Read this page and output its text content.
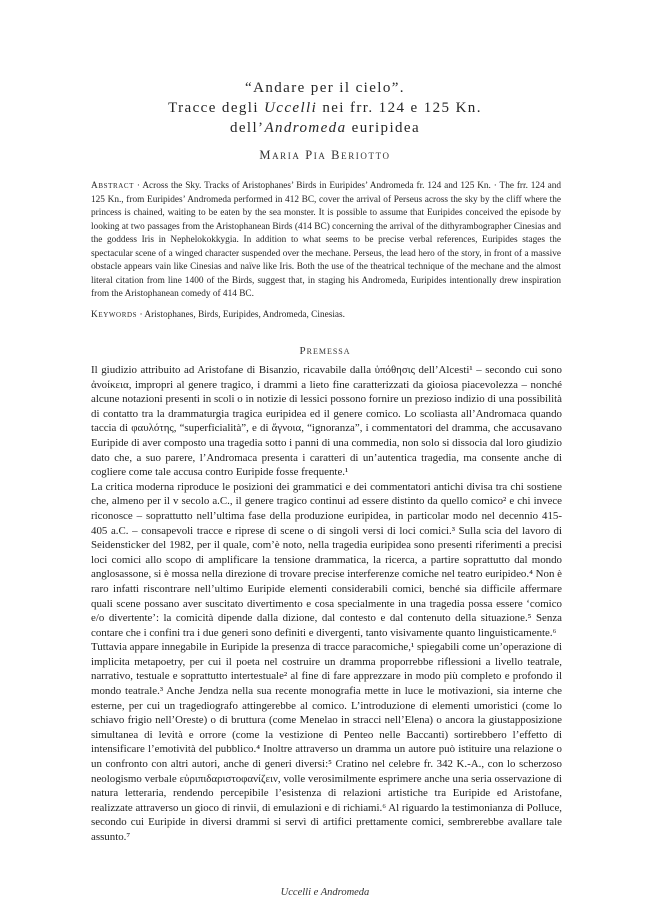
“Andare per il cielo”.

Tracce degli Uccelli nei frr. 124 e 125 Kn.

dell’Andromeda euripidea

Maria Pia Beriotto
Abstract · Across the Sky. Tracks of Aristophanes’ Birds in Euripides’ Andromeda fr. 124 and 125 Kn. · The frr. 124 and 125 Kn., from Euripides’ Andromeda performed in 412 BC, cover the arrival of Perseus across the sky by the cliff where the princess is chained, waiting to be eaten by the sea monster. It is possible to assume that Euripides conceived the episode by looking at two passages from the Aristophanean Birds (414 BC) concerning the arrival of the dithyrambographer Cinesias and the goddess Iris in Nephelokokkygia. In addition to what seems to be precise verbal references, Euripides stages the spectacular scene of a winged character suspended over the mechane. Perseus, the lead hero of the story, in front of a massive obstacle appears vain like Cinesias and naïve like Iris. Both the use of the theatrical technique of the mechane and the almost literal citation from line 1400 of the Birds, suggest that, in staging his Andromeda, Euripides intentionally drew inspiration from the Aristophanean comedy of 414 BC.
Keywords · Aristophanes, Birds, Euripides, Andromeda, Cinesias.
Premessa

Il giudizio attribuito ad Aristofane di Bisanzio, ricavabile dalla ὑπόθησις dell’Alcesti¹ – secondo cui sono ἀνοίκεια, impropri al genere tragico, i drammi a lieto fine caratterizzati da gioiosa piacevolezza – nonché alcune notazioni presenti in scoli o in notizie di lessici possono fornire un prezioso indizio di una possibilità di contatto tra la drammaturgia tragica euripidea ed il genere comico. Lo scoliasta all’Andromaca quando taccia di φαυλότης, “superficialità”, e di ἄγνοια, “ignoranza”, i commentatori del dramma, che accusavano Euripide di aver composto una tragedia sotto i panni di una commedia, non solo si dissocia dal loro giudizio dato che, a suo parere, l’Andromaca presenta i caratteri di un’autentica tragedia, ma consente anche di cogliere come tale accusa contro Euripide fosse frequente.¹

La critica moderna riproduce le posizioni dei grammatici e dei commentatori antichi divisa tra chi sostiene che, almeno per il v secolo a.C., il genere tragico continui ad essere distinto da quello comico² e chi invece riconosce – soprattutto nell’ultima fase della produzione euripidea, in particolar modo nel decennio 415-405 a.C. – consapevoli tracce e riprese di scene o di singoli versi di loci comici.³ Sulla scia del lavoro di Seidensticker del 1982, per il quale, com’è noto, nella tragedia euripidea sono presenti riferimenti a precisi loci comici allo scopo di amplificare la tensione drammatica, la ricerca, a partire soprattutto dal mondo anglosassone, si è mossa nella direzione di trovare precise interferenze comiche nel teatro euripideo.⁴ Non è raro infatti riscontrare nell’ultimo Euripide elementi considerabili comici, benché sia difficile affermare quali scene possano aver suscitato divertimento e cosa specialmente in una tragedia possa essere ‘comico e/o divertente’: la comicità dipende dalla dizione, dal contesto e dal contenuto della situazione.⁵ Senza contare che i confini tra i due generi sono definiti e divergenti, tanto visivamente quanto linguisticamente.⁶

Tuttavia appare innegabile in Euripide la presenza di tracce paracomiche,¹ spiegabili come un’operazione di implicita metapoetry, per cui il poeta nel costruire un dramma proporrebbe riflessioni a livello teatrale, narrativo, testuale e soprattutto intertestuale² al fine di fare apprezzare in modo più completo e profondo il mondo teatrale.³ Anche Jendza nella sua recente monografia mette in luce le motivazioni, sia interne che esterne, per cui un tragediografo attingerebbe al comico. L’introduzione di elementi umoristici (come lo schiavo frigio nell’Oreste) o di bruttura (come Menelao in stracci nell’Elena) o ancora la giustapposizione simultanea di levità e orrore (come la vestizione di Penteo nelle Baccanti) sortirebbero l’effetto di intensificare l’emotività del pubblico.⁴ Inoltre attraverso un dramma un autore può istituire una relazione o un confronto con altri autori, anche di generi diversi:⁵ Cratino nel celebre fr. 342 K.-A., con lo scherzoso neologismo verbale εὐριπιδαριστοφανίζειν, volle verosimilmente esprimere anche una seria osservazione di natura letteraria, rendendo percepibile l’esistenza di relazioni artistiche tra Euripide ed Aristofane, realizzate attraverso un gioco di rinvii, di emulazioni e di richiami.⁶ Al riguardo la testimonianza di Polluce, secondo cui Euripide in diversi drammi si servì di artifici prettamente comici, sembrerebbe avallare tale assunto.⁷

Uccelli e Andromeda
